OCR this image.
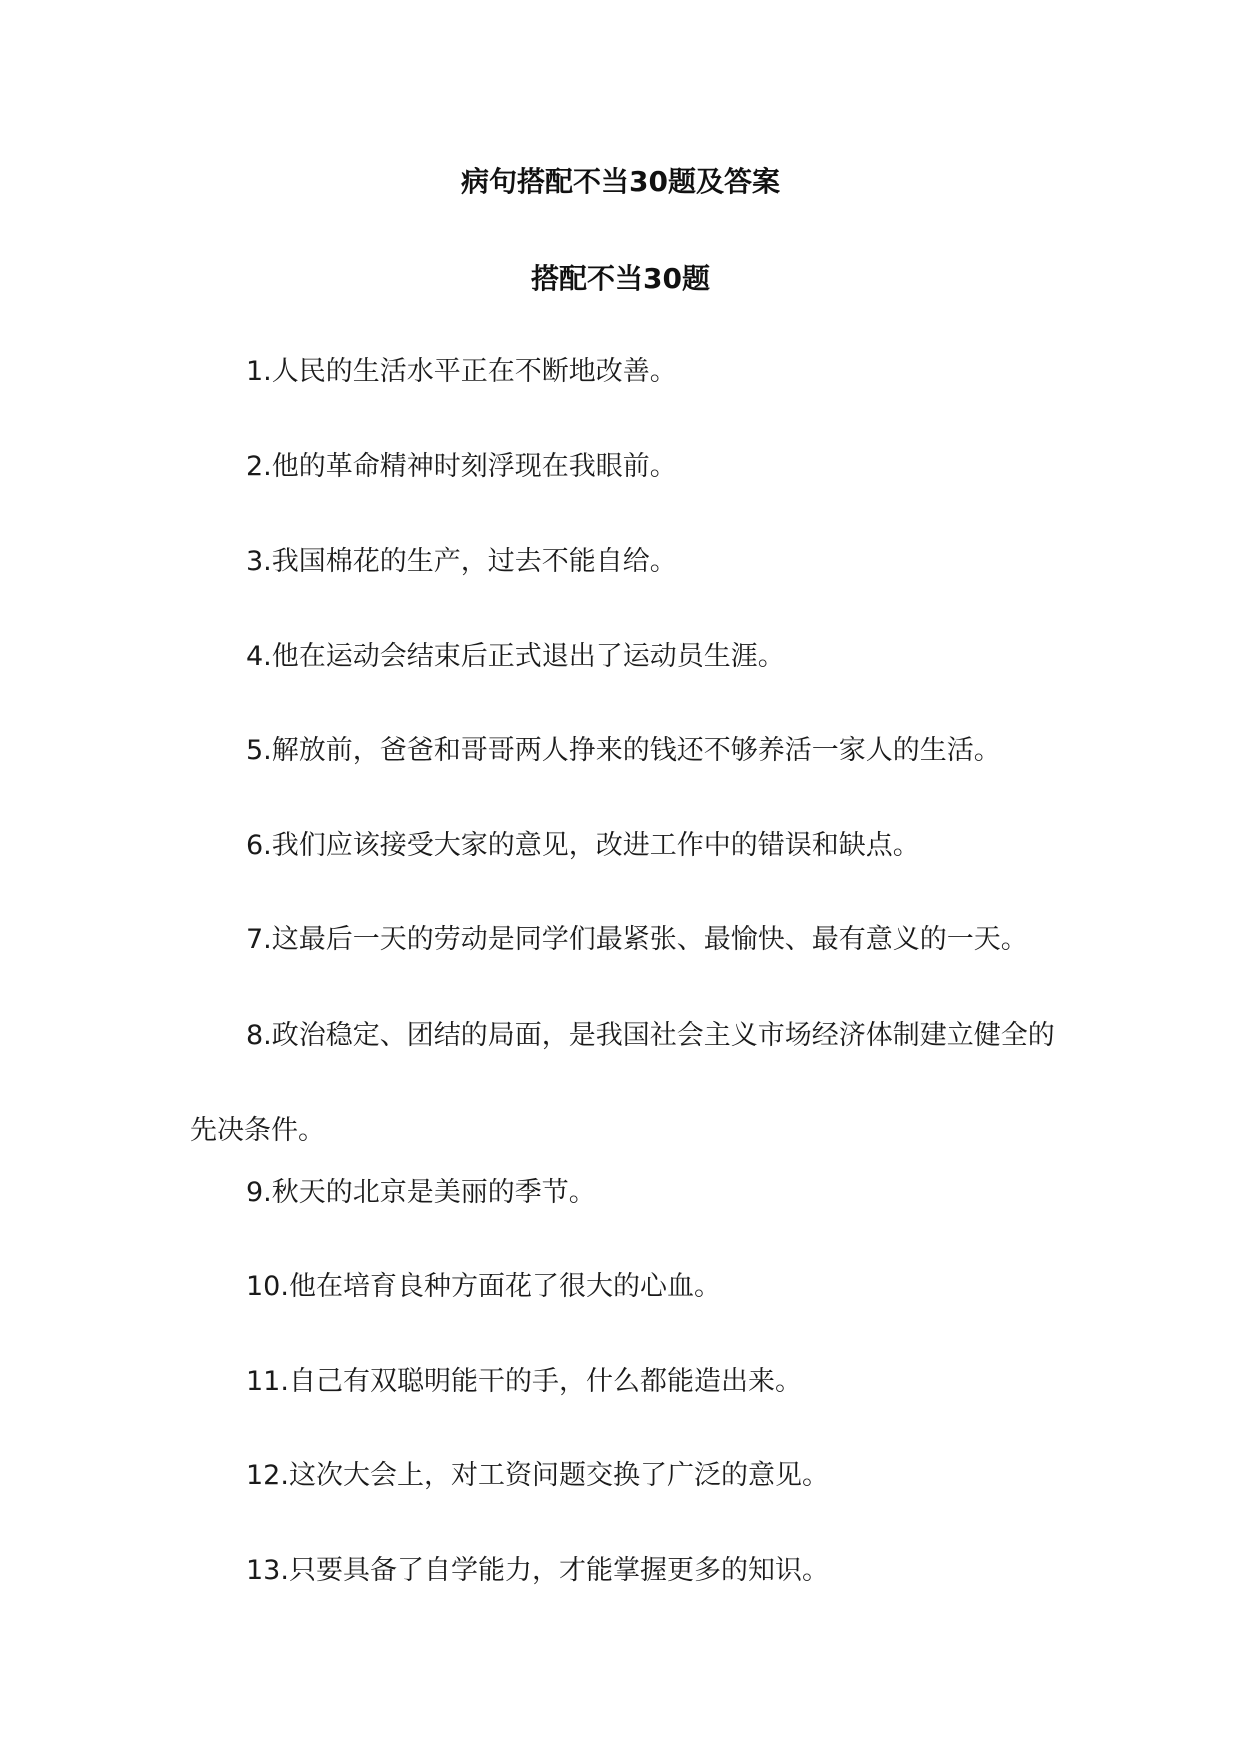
病句搭配不当30题及答案
搭配不当30题
1.人民的生活水平正在不断地改善。
2.他的革命精神时刻浮现在我眼前。
3.我国棉花的生产，过去不能自给。
4.他在运动会结束后正式退出了运动员生涯。
5.解放前，爸爸和哥哥两人挣来的钱还不够养活一家人的生活。
6.我们应该接受大家的意见，改进工作中的错误和缺点。
7.这最后一天的劳动是同学们最紧张、最愉快、最有意义的一天。
8.政治稳定、团结的局面，是我国社会主义市场经济体制建立健全的先决条件。
9.秋天的北京是美丽的季节。
10.他在培育良种方面花了很大的心血。
11.自己有双聪明能干的手，什么都能造出来。
12.这次大会上，对工资问题交换了广泛的意见。
13.只要具备了自学能力，才能掌握更多的知识。
